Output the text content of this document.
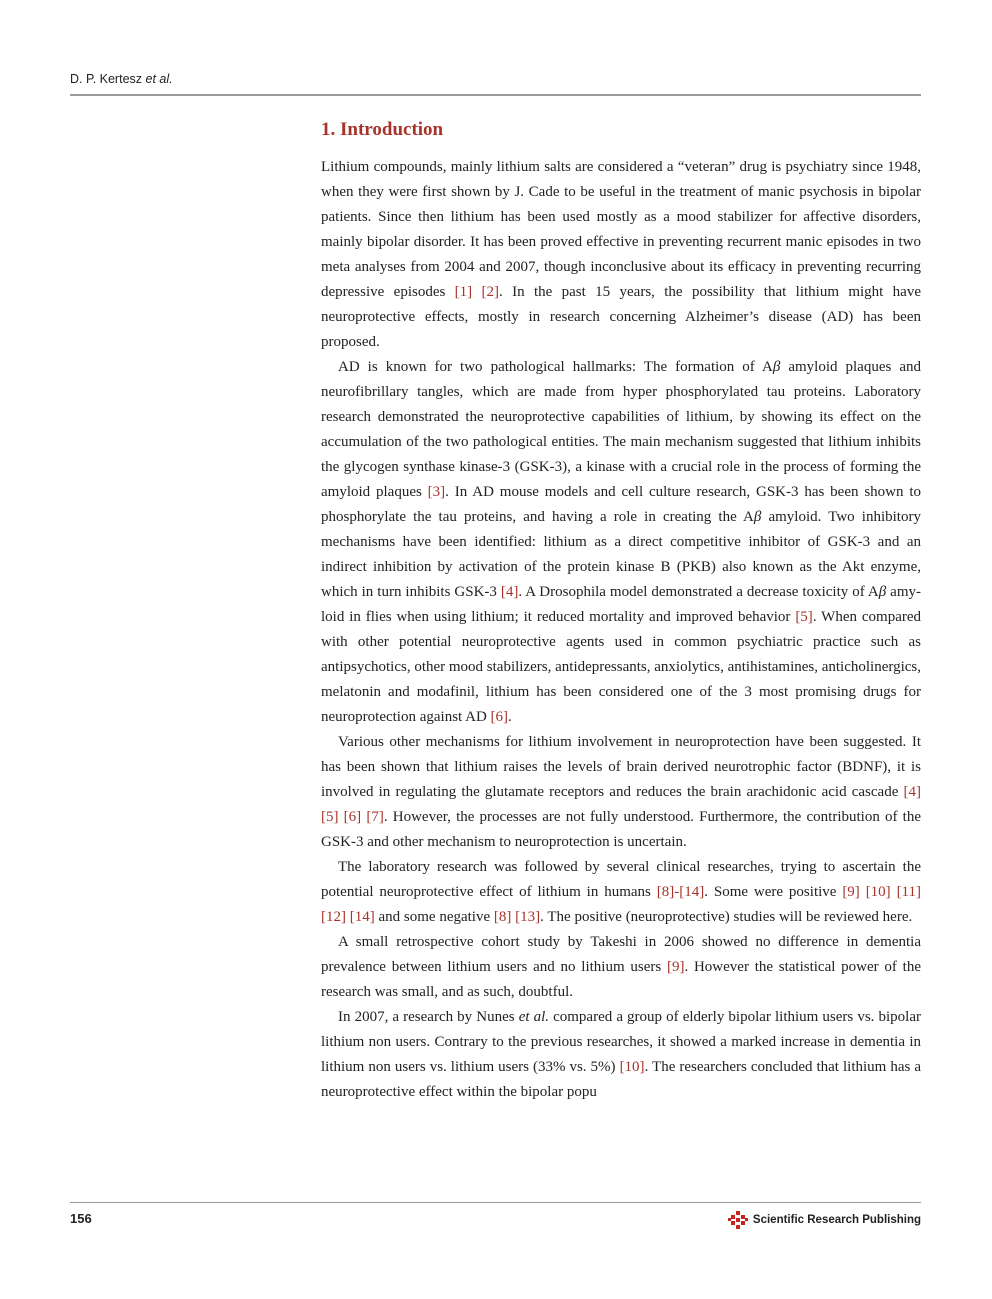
D. P. Kertesz et al.
1. Introduction

Lithium compounds, mainly lithium salts are considered a “veteran” drug is psychiatry since 1948, when they were first shown by J. Cade to be useful in the treatment of manic psychosis in bipolar patients. Since then lithium has been used mostly as a mood stabilizer for affective disorders, mainly bipolar disorder. It has been proved effective in preventing recurrent manic episodes in two meta analyses from 2004 and 2007, though inconclusive about its efficacy in preventing recurring depressive episodes [1] [2]. In the past 15 years, the possibility that lithium might have neuroprotective effects, mostly in research concerning Alzheimer’s disease (AD) has been proposed.

AD is known for two pathological hallmarks: The formation of Aβ amyloid plaques and neurofibrillary tangles, which are made from hyper phosphorylated tau proteins. Laboratory research demonstrated the neuroprotective capabilities of lithium, by showing its effect on the accumulation of the two pathological entities. The main mechanism suggested that lithium inhibits the glycogen synthase kinase-3 (GSK-3), a kinase with a crucial role in the process of forming the amyloid plaques [3]. In AD mouse models and cell culture research, GSK-3 has been shown to phosphorylate the tau proteins, and having a role in creating the Aβ amyloid. Two inhibitory mechanisms have been identified: lithium as a direct competitive inhibitor of GSK-3 and an indirect inhibition by activation of the protein kinase B (PKB) also known as the Akt enzyme, which in turn inhibits GSK-3 [4]. A Drosophila model demonstrated a decrease toxicity of Aβ amyloid in flies when using lithium; it reduced mortality and improved behavior [5]. When compared with other potential neuroprotective agents used in common psychiatric practice such as antipsychotics, other mood stabilizers, antidepressants, anxiolytics, antihistamines, anticholinergics, melatonin and modafinil, lithium has been considered one of the 3 most promising drugs for neuroprotection against AD [6].

Various other mechanisms for lithium involvement in neuroprotection have been suggested. It has been shown that lithium raises the levels of brain derived neurotrophic factor (BDNF), it is involved in regulating the glutamate receptors and reduces the brain arachidonic acid cascade [4] [5] [6] [7]. However, the processes are not fully understood. Furthermore, the contribution of the GSK-3 and other mechanism to neuroprotection is uncertain.

The laboratory research was followed by several clinical researches, trying to ascertain the potential neuroprotective effect of lithium in humans [8]-[14]. Some were positive [9] [10] [11] [12] [14] and some negative [8] [13]. The positive (neuroprotective) studies will be reviewed here.

A small retrospective cohort study by Takeshi in 2006 showed no difference in dementia prevalence between lithium users and no lithium users [9]. However the statistical power of the research was small, and as such, doubtful.

In 2007, a research by Nunes et al. compared a group of elderly bipolar lithium users vs. bipolar lithium non users. Contrary to the previous researches, it showed a marked increase in dementia in lithium non users vs. lithium users (33% vs. 5%) [10]. The researchers concluded that lithium has a neuroprotective effect within the bipolar popu

156	Scientific Research Publishing
